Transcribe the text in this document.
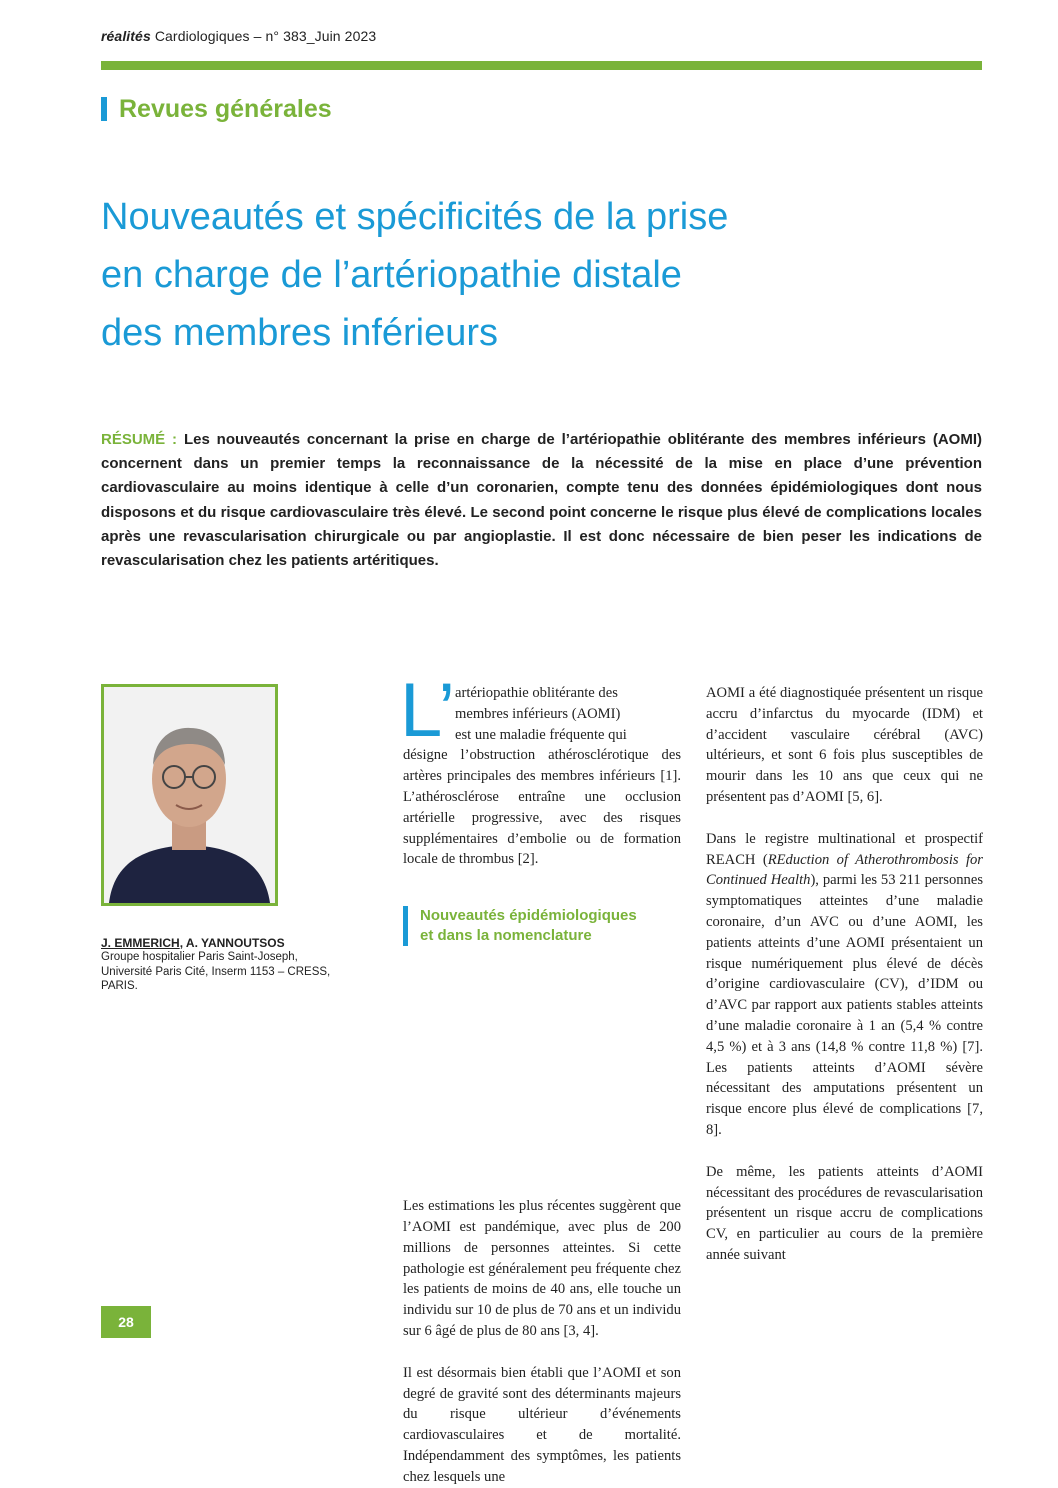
réalités Cardiologiques – n° 383_Juin 2023
Revues générales
Nouveautés et spécificités de la prise
en charge de l’artériopathie distale
des membres inférieurs
RÉSUMÉ : Les nouveautés concernant la prise en charge de l’artériopathie oblitérante des membres inférieurs (AOMI) concernent dans un premier temps la reconnaissance de la nécessité de la mise en place d’une prévention cardiovasculaire au moins identique à celle d’un coronarien, compte tenu des données épidémiologiques dont nous disposons et du risque cardiovasculaire très élevé. Le second point concerne le risque plus élevé de complications locales après une revascularisation chirurgicale ou par angioplastie. Il est donc nécessaire de bien peser les indications de revascularisation chez les patients artéritiques.
J. EMMERICH, A. YANNOUTSOS
Groupe hospitalier Paris Saint-Joseph,
Université Paris Cité, Inserm 1153 – CRESS,
PARIS.
L’ artériopathie oblitérante des
membres inférieurs (AOMI)
est une maladie fréquente qui

désigne l’obstruction athérosclérotique des artères principales des membres inférieurs [1]. L’athérosclérose entraîne une occlusion artérielle progressive, avec des risques supplémentaires d’embolie ou de formation locale de thrombus [2].

Les estimations les plus récentes suggèrent que l’AOMI est pandémique, avec plus de 200 millions de personnes atteintes. Si cette pathologie est généralement peu fréquente chez les patients de moins de 40 ans, elle touche un individu sur 10 de plus de 70 ans et un individu sur 6 âgé de plus de 80 ans [3, 4].

Il est désormais bien établi que l’AOMI et son degré de gravité sont des déterminants majeurs du risque ultérieur d’événements cardiovasculaires et de mortalité. Indépendamment des symptômes, les patients chez lesquels une

Nouveautés épidémiologiques
et dans la nomenclature

AOMI a été diagnostiquée présentent un risque accru d’infarctus du myocarde (IDM) et d’accident vasculaire cérébral (AVC) ultérieurs, et sont 6 fois plus susceptibles de mourir dans les 10 ans que ceux qui ne présentent pas d’AOMI [5, 6].

Dans le registre multinational et prospectif REACH (REduction of Atherothrombosis for Continued Health), parmi les 53 211 personnes symptomatiques atteintes d’une maladie coronaire, d’un AVC ou d’une AOMI, les patients atteints d’une AOMI présentaient un risque numériquement plus élevé de décès d’origine cardiovasculaire (CV), d’IDM ou d’AVC par rapport aux patients stables atteints d’une maladie coronaire à 1 an (5,4 % contre 4,5 %) et à 3 ans (14,8 % contre 11,8 %) [7]. Les patients atteints d’AOMI sévère nécessitant des amputations présentent un risque encore plus élevé de complications [7, 8].

De même, les patients atteints d’AOMI nécessitant des procédures de revascularisation présentent un risque accru de complications CV, en particulier au cours de la première année suivant

28
